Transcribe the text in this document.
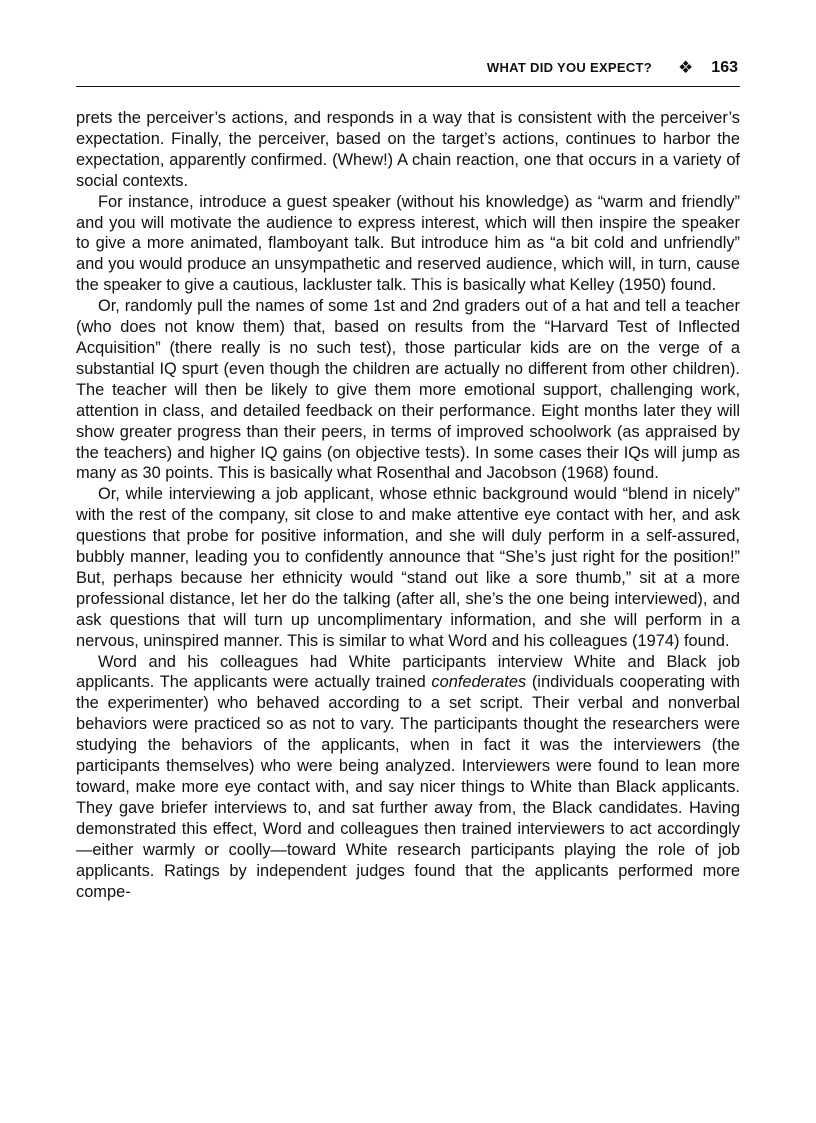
WHAT DID YOU EXPECT? ❖ 163

prets the perceiver’s actions, and responds in a way that is consistent with the perceiver’s expectation. Finally, the perceiver, based on the target’s actions, continues to harbor the expectation, apparently confirmed. (Whew!) A chain reaction, one that occurs in a variety of social contexts.

For instance, introduce a guest speaker (without his knowledge) as “warm and friendly” and you will motivate the audience to express interest, which will then inspire the speaker to give a more animated, flamboyant talk. But introduce him as “a bit cold and unfriendly” and you would produce an unsympathetic and reserved audience, which will, in turn, cause the speaker to give a cautious, lackluster talk. This is basically what Kelley (1950) found.

Or, randomly pull the names of some 1st and 2nd graders out of a hat and tell a teacher (who does not know them) that, based on results from the “Harvard Test of Inflected Acquisition” (there really is no such test), those particular kids are on the verge of a substantial IQ spurt (even though the children are actually no different from other children). The teacher will then be likely to give them more emotional support, challenging work, attention in class, and detailed feedback on their performance. Eight months later they will show greater progress than their peers, in terms of improved schoolwork (as appraised by the teachers) and higher IQ gains (on objective tests). In some cases their IQs will jump as many as 30 points. This is basically what Rosenthal and Jacobson (1968) found.

Or, while interviewing a job applicant, whose ethnic background would “blend in nicely” with the rest of the company, sit close to and make attentive eye contact with her, and ask questions that probe for positive information, and she will duly perform in a self-assured, bubbly manner, leading you to confidently announce that “She’s just right for the position!” But, perhaps because her ethnicity would “stand out like a sore thumb,” sit at a more professional distance, let her do the talking (after all, she’s the one being interviewed), and ask questions that will turn up uncomplimentary information, and she will perform in a nervous, uninspired manner. This is similar to what Word and his colleagues (1974) found.

Word and his colleagues had White participants interview White and Black job applicants. The applicants were actually trained confederates (individuals cooperating with the experimenter) who behaved according to a set script. Their verbal and nonverbal behaviors were practiced so as not to vary. The participants thought the researchers were studying the behaviors of the applicants, when in fact it was the interviewers (the participants themselves) who were being analyzed. Interviewers were found to lean more toward, make more eye contact with, and say nicer things to White than Black applicants. They gave briefer interviews to, and sat further away from, the Black candidates. Having demonstrated this effect, Word and colleagues then trained interviewers to act accordingly—either warmly or coolly—toward White research participants playing the role of job applicants. Ratings by independent judges found that the applicants performed more compe-
